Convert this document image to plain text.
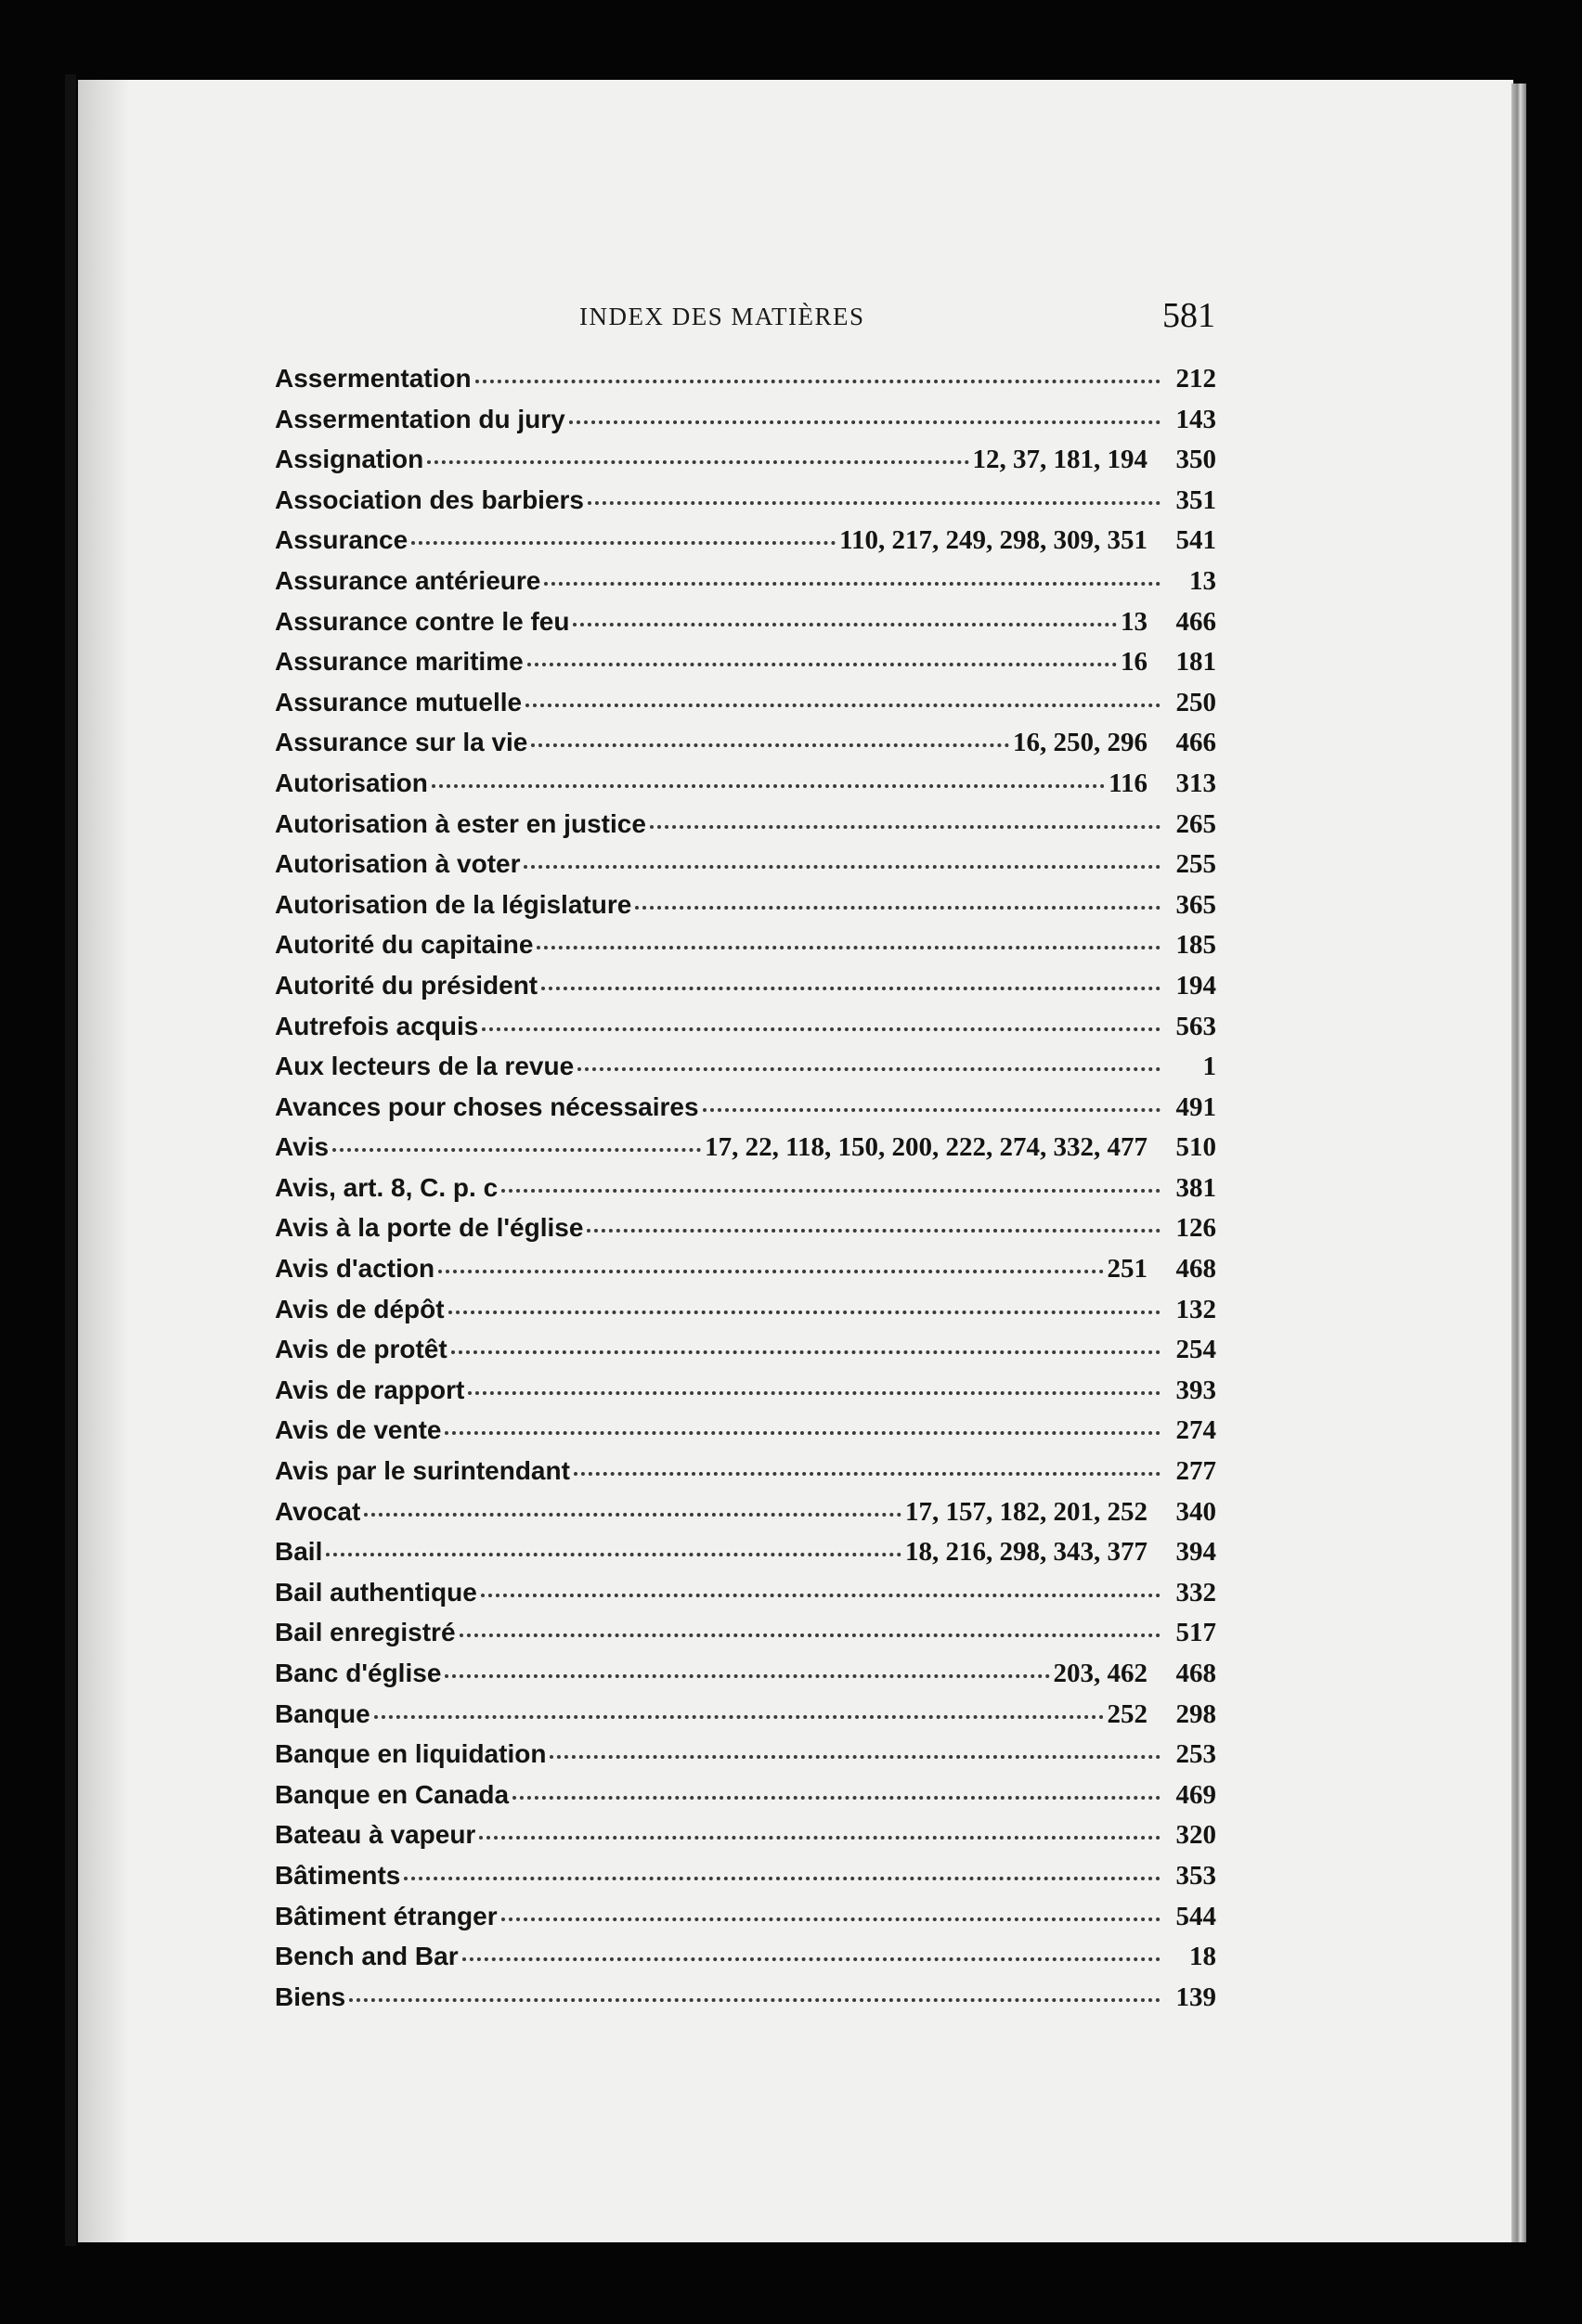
INDEX DES MATIÈRES	581
Assermentation	212
Assermentation du jury	143
Assignation	12, 37, 181, 194	350
Association des barbiers	351
Assurance	110, 217, 249, 298, 309, 351	541
Assurance antérieure	13
Assurance contre le feu	13	466
Assurance maritime	16	181
Assurance mutuelle	250
Assurance sur la vie	16, 250, 296	466
Autorisation	116	313
Autorisation à ester en justice	265
Autorisation à voter	255
Autorisation de la législature	365
Autorité du capitaine	185
Autorité du président	194
Autrefois acquis	563
Aux lecteurs de la revue	1
Avances pour choses nécessaires	491
Avis	17, 22, 118, 150, 200, 222, 274, 332, 477	510
Avis, art. 8, C. p. c	381
Avis à la porte de l'église	126
Avis d'action	251	468
Avis de dépôt	132
Avis de protêt	254
Avis de rapport	393
Avis de vente	274
Avis par le surintendant	277
Avocat	17, 157, 182, 201, 252	340
Bail	18, 216, 298, 343, 377	394
Bail authentique	332
Bail enregistré	517
Banc d'église	203, 462	468
Banque	252	298
Banque en liquidation	253
Banque en Canada	469
Bateau à vapeur	320
Bâtiments	353
Bâtiment étranger	544
Bench and Bar	18
Biens	139
